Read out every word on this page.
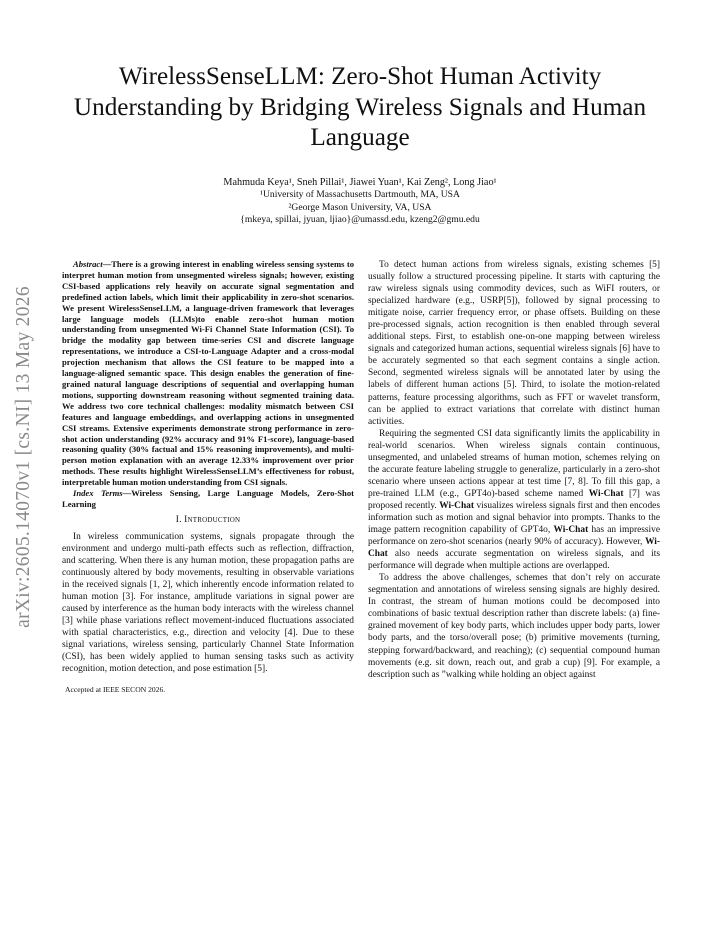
arXiv:2605.14070v1 [cs.NI] 13 May 2026
WirelessSenseLLM: Zero-Shot Human Activity Understanding by Bridging Wireless Signals and Human Language
Mahmuda Keya¹, Sneh Pillai¹, Jiawei Yuan¹, Kai Zeng², Long Jiao¹
¹University of Massachusetts Dartmouth, MA, USA
²George Mason University, VA, USA
{mkeya, spillai, jyuan, ljiao}@umassd.edu, kzeng2@gmu.edu

Abstract—There is a growing interest in enabling wireless sensing systems to interpret human motion from unsegmented wireless signals; however, existing CSI-based applications rely heavily on accurate signal segmentation and predefined action labels, which limit their applicability in zero-shot scenarios. We present WirelessSenseLLM, a language-driven framework that leverages large language models (LLMs)to enable zero-shot human motion understanding from unsegmented Wi-Fi Channel State Information (CSI). To bridge the modality gap between time-series CSI and discrete language representations, we introduce a CSI-to-Language Adapter and a cross-modal projection mechanism that allows the CSI feature to be mapped into a language-aligned semantic space. This design enables the generation of fine-grained natural language descriptions of sequential and overlapping human motions, supporting downstream reasoning without segmented training data. We address two core technical challenges: modality mismatch between CSI features and language embeddings, and overlapping actions in unsegmented CSI streams. Extensive experiments demonstrate strong performance in zero-shot action understanding (92% accuracy and 91% F1-score), language-based reasoning quality (30% factual and 15% reasoning improvements), and multi-person motion explanation with an average 12.33% improvement over prior methods. These results highlight WirelessSenseLLM’s effectiveness for robust, interpretable human motion understanding from CSI signals.

Index Terms—Wireless Sensing, Large Language Models, Zero-Shot Learning

I. Introduction

In wireless communication systems, signals propagate through the environment and undergo multi-path effects such as reflection, diffraction, and scattering. When there is any human motion, these propagation paths are continuously altered by body movements, resulting in observable variations in the received signals [1, 2], which inherently encode information related to human motion [3]. For instance, amplitude variations in signal power are caused by interference as the human body interacts with the wireless channel [3] while phase variations reflect movement-induced fluctuations associated with spatial characteristics, e.g., direction and velocity [4]. Due to these signal variations, wireless sensing, particularly Channel State Information (CSI), has been widely applied to human sensing tasks such as activity recognition, motion detection, and pose estimation [5].

Accepted at IEEE SECON 2026.

To detect human actions from wireless signals, existing schemes [5] usually follow a structured processing pipeline. It starts with capturing the raw wireless signals using commodity devices, such as WiFI routers, or specialized hardware (e.g., USRP[5]), followed by signal processing to mitigate noise, carrier frequency error, or phase offsets. Building on these pre-processed signals, action recognition is then enabled through several additional steps. First, to establish one-on-one mapping between wireless signals and categorized human actions, sequential wireless signals [6] have to be accurately segmented so that each segment contains a single action. Second, segmented wireless signals will be annotated later by using the labels of different human actions [5]. Third, to isolate the motion-related patterns, feature processing algorithms, such as FFT or wavelet transform, can be applied to extract variations that correlate with distinct human activities.

Requiring the segmented CSI data significantly limits the applicability in real-world scenarios. When wireless signals contain continuous, unsegmented, and unlabeled streams of human motion, schemes relying on the accurate feature labeling struggle to generalize, particularly in a zero-shot scenario where unseen actions appear at test time [7, 8]. To fill this gap, a pre-trained LLM (e.g., GPT4o)-based scheme named Wi-Chat [7] was proposed recently. Wi-Chat visualizes wireless signals first and then encodes information such as motion and signal behavior into prompts. Thanks to the image pattern recognition capability of GPT4o, Wi-Chat has an impressive performance on zero-shot scenarios (nearly 90% of accuracy). However, Wi-Chat also needs accurate segmentation on wireless signals, and its performance will degrade when multiple actions are overlapped.

To address the above challenges, schemes that don’t rely on accurate segmentation and annotations of wireless sensing signals are highly desired. In contrast, the stream of human motions could be decomposed into combinations of basic textual description rather than discrete labels: (a) fine-grained movement of key body parts, which includes upper body parts, lower body parts, and the torso/overall pose; (b) primitive movements (turning, stepping forward/backward, and reaching); (c) sequential compound human movements (e.g. sit down, reach out, and grab a cup) [9]. For example, a description such as ”walking while holding an object against
